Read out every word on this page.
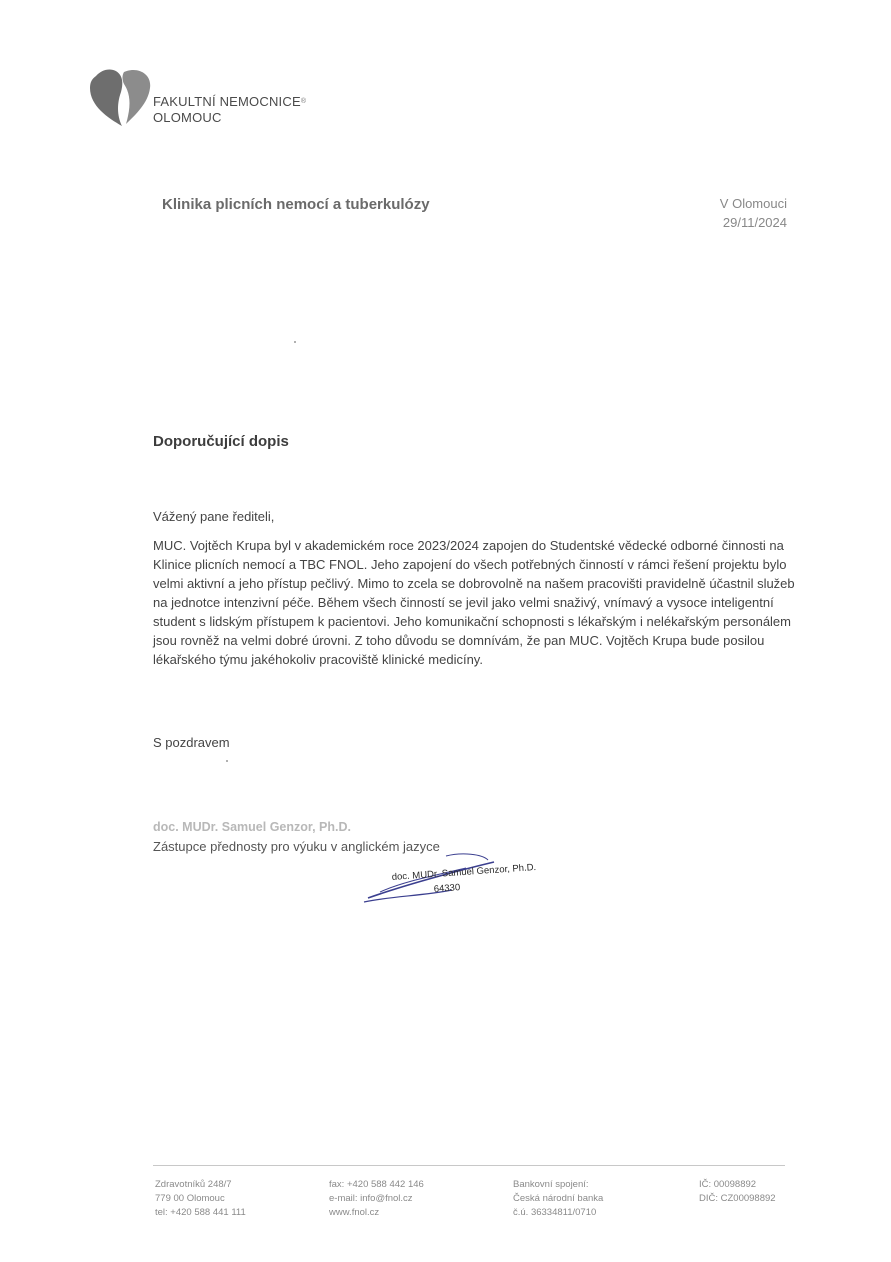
FAKULTNÍ NEMOCNICE®
OLOMOUC
Klinika plicních nemocí a tuberkulózy	V Olomouci
29/11/2024
Doporučující dopis
Vážený pane řediteli,
MUC. Vojtěch Krupa byl v akademickém roce 2023/2024 zapojen do Studentské vědecké odborné činnosti na Klinice plicních nemocí a TBC FNOL. Jeho zapojení do všech potřebných činností v rámci řešení projektu bylo velmi aktivní a jeho přístup pečlivý. Mimo to zcela se dobrovolně na našem pracovišti pravidelně účastnil služeb na jednotce intenzivní péče. Během všech činností se jevil jako velmi snaživý, vnímavý a vysoce inteligentní student s lidským přístupem k pacientovi. Jeho komunikační schopnosti s lékařským i nelékařským personálem jsou rovněž na velmi dobré úrovni. Z toho důvodu se domnívám, že pan MUC. Vojtěch Krupa bude posilou lékařského týmu jakéhokoliv pracoviště klinické medicíny.
S pozdravem
doc. MUDr. Samuel Genzor, Ph.D.
Zástupce přednosty pro výuku v anglickém jazyce
doc. MUDr. Samuel Genzor, Ph.D.
64330
Zdravotníků 248/7
779 00 Olomouc
tel: +420 588 441 111
fax: +420 588 442 146
e-mail: info@fnol.cz
www.fnol.cz
Bankovní spojení:
Česká národní banka
č.ú. 36334811/0710
IČ: 00098892
DIČ: CZ00098892
